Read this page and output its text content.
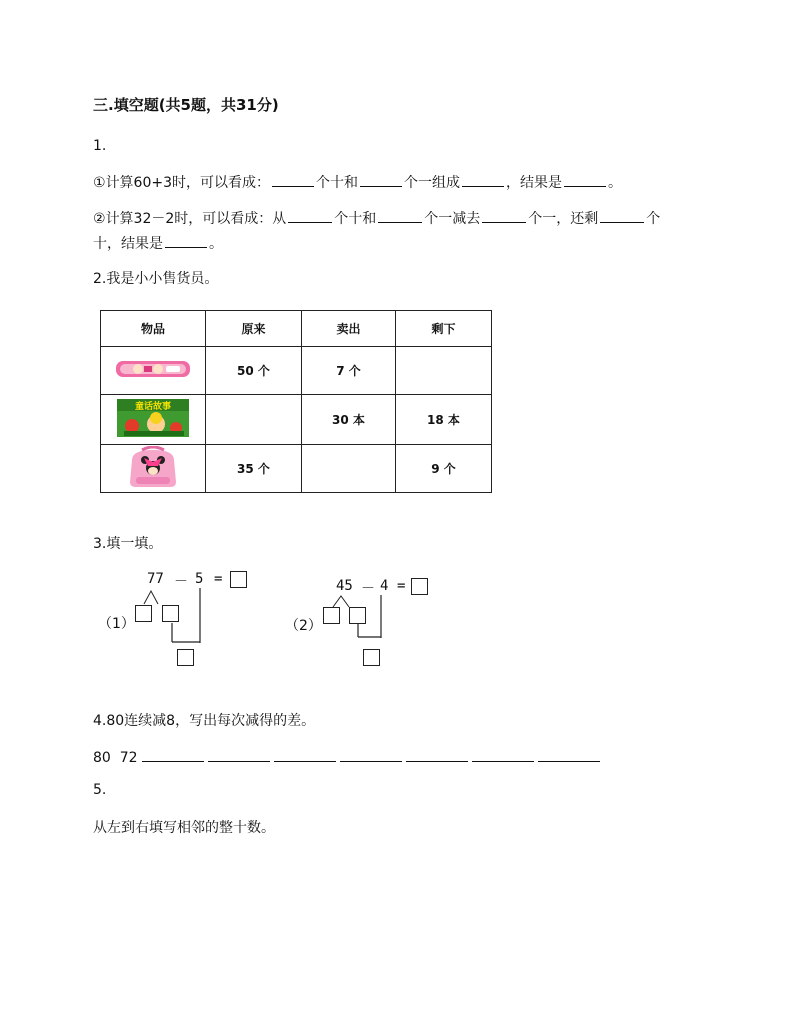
三.填空题(共5题，共31分)
1.
①计算60+3时，可以看成：	个十和	个一组成	，结果是	。
②计算32－2时，可以看成：从	个十和	个一减去	个一，还剩	个
十，结果是	。
2.我是小小售货员。
物品	原来	卖出	剩下
	50 个	7 个	

童话故事		30 本	18 本
	35 个		9 个
3.填一填。
77 － 5 =
（1）
45 － 4 =
（2）
4.80连续减8，写出每次减得的差。
80 72
5.
从左到右填写相邻的整十数。
